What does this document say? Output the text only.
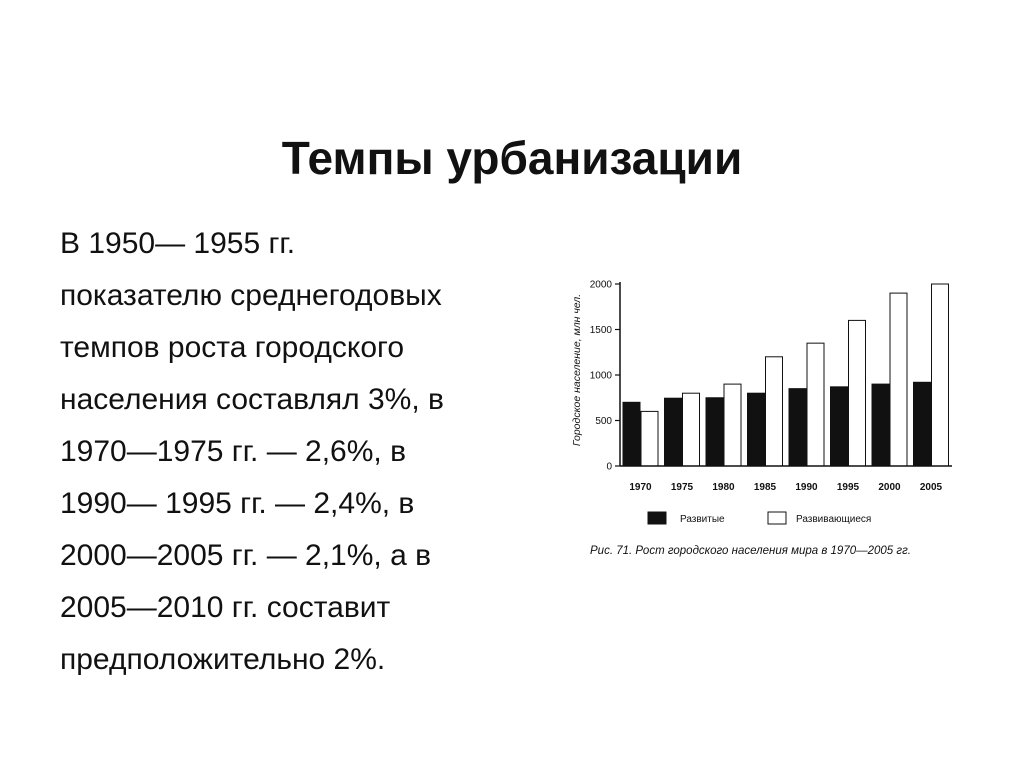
Темпы урбанизации
В 1950— 1955 гг.
показателю среднегодовых
темпов роста городского
населения составлял 3%, в
1970—1975 гг. — 2,6%, в
1990— 1995 гг. — 2,4%, в
2000—2005 гг. — 2,1%, а в
2005—2010 гг. составит
предположительно 2%.
0
500
1000
1500
2000
1970 1975 1980 1985 1990 1995 2000 2005
Городское население, млн чел.
Развитые	Развивающиеся
Рис. 71. Рост городского населения мира в 1970—2005 гг.
